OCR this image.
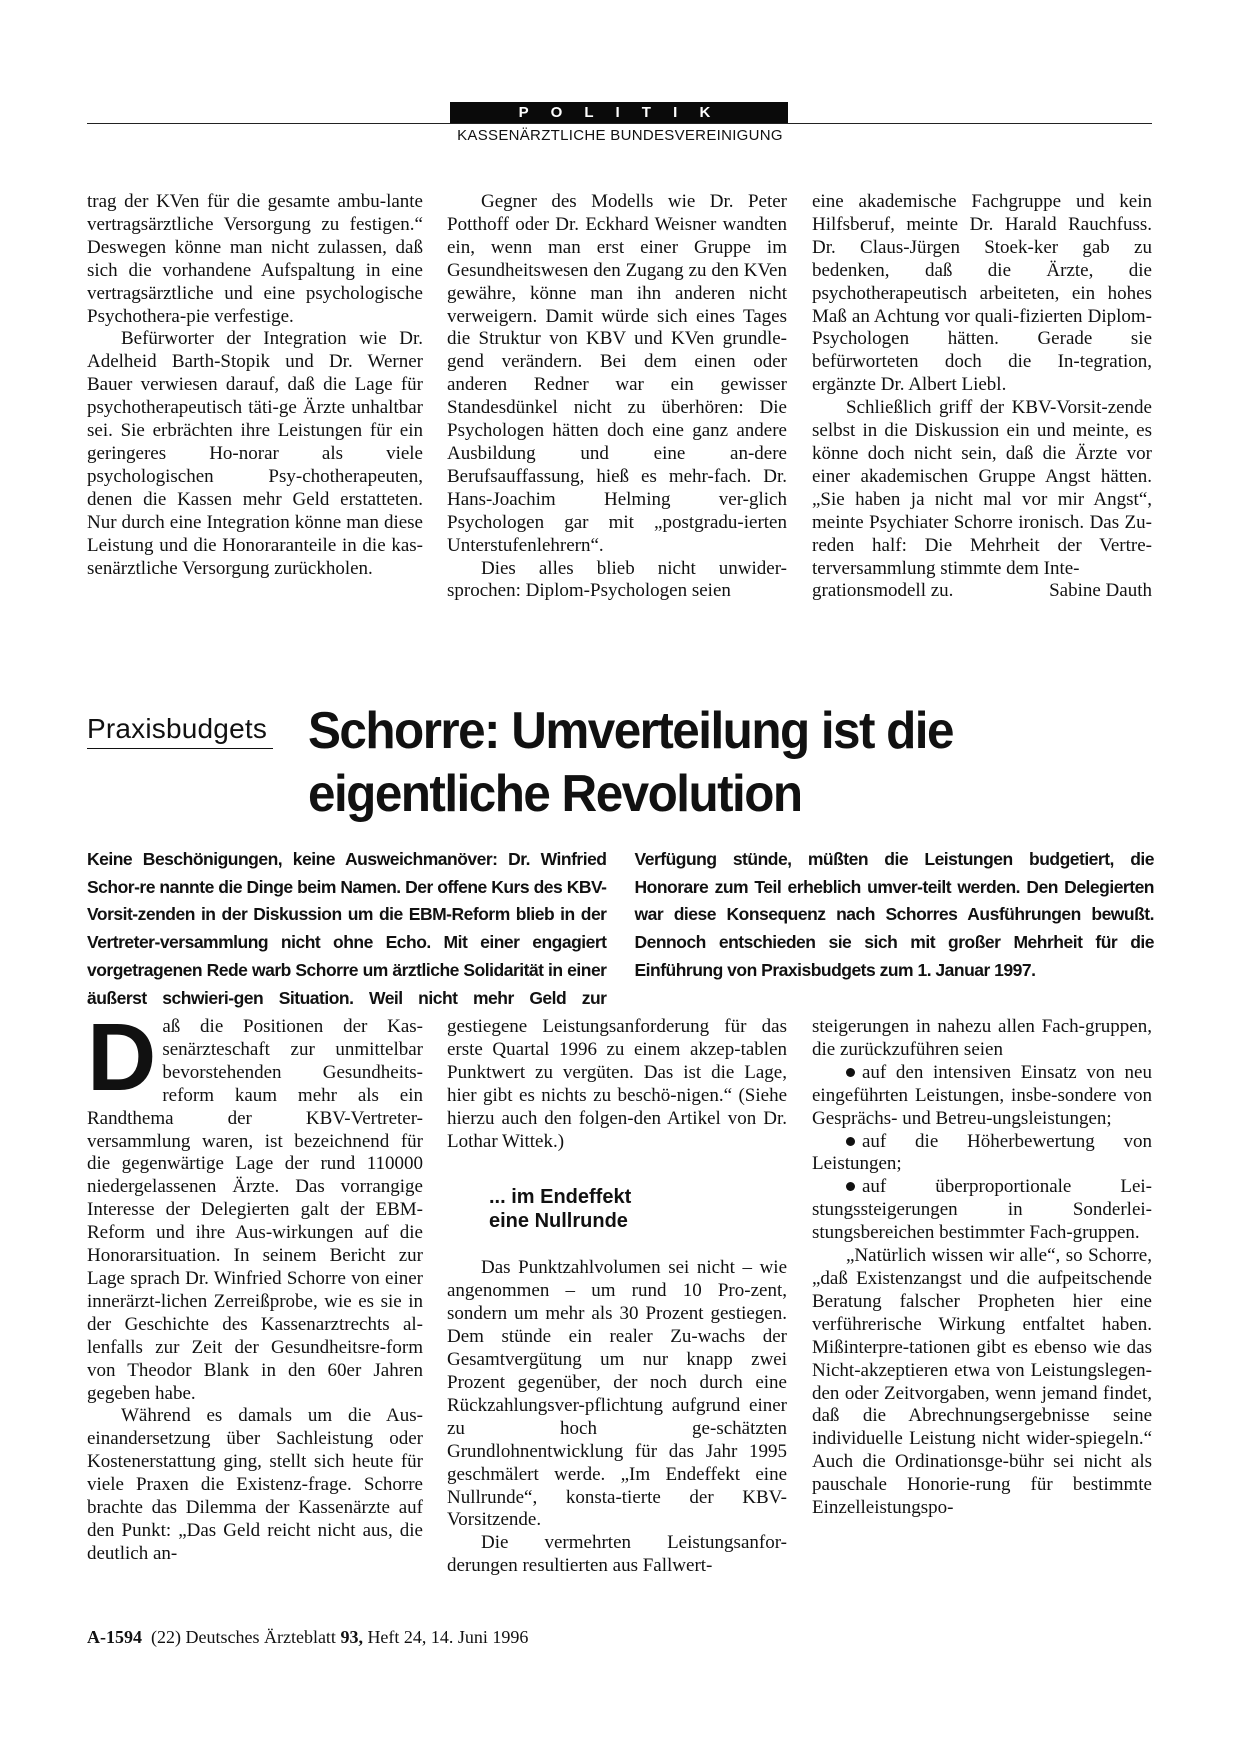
P O L I T I K
KASSENÄRZTLICHE BUNDESVEREINIGUNG

trag der KVen für die gesamte ambu-lante vertragsärztliche Versorgung zu festigen.“ Deswegen könne man nicht zulassen, daß sich die vorhandene Aufspaltung in eine vertragsärztliche und eine psychologische Psychothera-pie verfestige.

Befürworter der Integration wie Dr. Adelheid Barth-Stopik und Dr. Werner Bauer verwiesen darauf, daß die Lage für psychotherapeutisch täti-ge Ärzte unhaltbar sei. Sie erbrächten ihre Leistungen für ein geringeres Ho-norar als viele psychologischen Psy-chotherapeuten, denen die Kassen mehr Geld erstatteten. Nur durch eine Integration könne man diese Leistung und die Honoraranteile in die kas-senärztliche Versorgung zurückholen.

Gegner des Modells wie Dr. Peter Potthoff oder Dr. Eckhard Weisner wandten ein, wenn man erst einer Gruppe im Gesundheitswesen den Zugang zu den KVen gewähre, könne man ihn anderen nicht verweigern. Damit würde sich eines Tages die Struktur von KBV und KVen grundle-gend verändern. Bei dem einen oder anderen Redner war ein gewisser Standesdünkel nicht zu überhören: Die Psychologen hätten doch eine ganz andere Ausbildung und eine an-dere Berufsauffassung, hieß es mehr-fach. Dr. Hans-Joachim Helming ver-glich Psychologen gar mit „postgradu-ierten Unterstufenlehrern“.

Dies alles blieb nicht unwider-sprochen: Diplom-Psychologen seien

eine akademische Fachgruppe und kein Hilfsberuf, meinte Dr. Harald Rauchfuss. Dr. Claus-Jürgen Stoek-ker gab zu bedenken, daß die Ärzte, die psychotherapeutisch arbeiteten, ein hohes Maß an Achtung vor quali-fizierten Diplom-Psychologen hätten. Gerade sie befürworteten doch die In-tegration, ergänzte Dr. Albert Liebl.

Schließlich griff der KBV-Vorsit-zende selbst in die Diskussion ein und meinte, es könne doch nicht sein, daß die Ärzte vor einer akademischen Gruppe Angst hätten. „Sie haben ja nicht mal vor mir Angst“, meinte Psychiater Schorre ironisch. Das Zu-reden half: Die Mehrheit der Vertre-terversammlung stimmte dem Inte-

grationsmodell zu.	Sabine Dauth
Praxisbudgets Schorre: Umverteilung ist die eigentliche Revolution
Keine Beschönigungen, keine Ausweichmanöver: Dr. Winfried Schor-re nannte die Dinge beim Namen. Der offene Kurs des KBV-Vorsit-zenden in der Diskussion um die EBM-Reform blieb in der Vertreter-versammlung nicht ohne Echo. Mit einer engagiert vorgetragenen Rede warb Schorre um ärztliche Solidarität in einer äußerst schwieri-gen Situation. Weil nicht mehr Geld zur Verfügung stünde, müßten die Leistungen budgetiert, die Honorare zum Teil erheblich umver-teilt werden. Den Delegierten war diese Konsequenz nach Schorres Ausführungen bewußt. Dennoch entschieden sie sich mit großer Mehrheit für die Einführung von Praxisbudgets zum 1. Januar 1997.

Daß die Positionen der Kas-senärzteschaft zur unmittelbar bevorstehenden Gesundheits-reform kaum mehr als ein Randthema der KBV-Vertreter-versammlung waren, ist bezeichnend für die gegenwärtige Lage der rund 110000 niedergelassenen Ärzte. Das vorrangige Interesse der Delegierten galt der EBM-Reform und ihre Aus-wirkungen auf die Honorarsituation. In seinem Bericht zur Lage sprach Dr. Winfried Schorre von einer innerärzt-lichen Zerreißprobe, wie es sie in der Geschichte des Kassenarztrechts al-lenfalls zur Zeit der Gesundheitsre-form von Theodor Blank in den 60er Jahren gegeben habe.

Während es damals um die Aus-einandersetzung über Sachleistung oder Kostenerstattung ging, stellt sich heute für viele Praxen die Existenz-frage. Schorre brachte das Dilemma der Kassenärzte auf den Punkt: „Das Geld reicht nicht aus, die deutlich an-

gestiegene Leistungsanforderung für das erste Quartal 1996 zu einem akzep-tablen Punktwert zu vergüten. Das ist die Lage, hier gibt es nichts zu beschö-nigen.“ (Siehe hierzu auch den folgen-den Artikel von Dr. Lothar Wittek.)

... im Endeffekt
eine Nullrunde

Das Punktzahlvolumen sei nicht – wie angenommen – um rund 10 Pro-zent, sondern um mehr als 30 Prozent gestiegen. Dem stünde ein realer Zu-wachs der Gesamtvergütung um nur knapp zwei Prozent gegenüber, der noch durch eine Rückzahlungsver-pflichtung aufgrund einer zu hoch ge-schätzten Grundlohnentwicklung für das Jahr 1995 geschmälert werde. „Im Endeffekt eine Nullrunde“, konsta-tierte der KBV-Vorsitzende.

Die vermehrten Leistungsanfor-derungen resultierten aus Fallwert-

steigerungen in nahezu allen Fach-gruppen, die zurückzuführen seien

auf den intensiven Einsatz von neu eingeführten Leistungen, insbe-sondere von Gesprächs- und Betreu-ungsleistungen;

auf die Höherbewertung von Leistungen;

auf überproportionale Lei-stungssteigerungen in Sonderlei-stungsbereichen bestimmter Fach-gruppen.

„Natürlich wissen wir alle“, so Schorre, „daß Existenzangst und die aufpeitschende Beratung falscher Propheten hier eine verführerische Wirkung entfaltet haben. Mißinterpre-tationen gibt es ebenso wie das Nicht-akzeptieren etwa von Leistungslegen-den oder Zeitvorgaben, wenn jemand findet, daß die Abrechnungsergebnisse seine individuelle Leistung nicht wider-spiegeln.“ Auch die Ordinationsge-bühr sei nicht als pauschale Honorie-rung für bestimmte Einzelleistungspo-

A-1594 (22) Deutsches Ärzteblatt 93, Heft 24, 14. Juni 1996
